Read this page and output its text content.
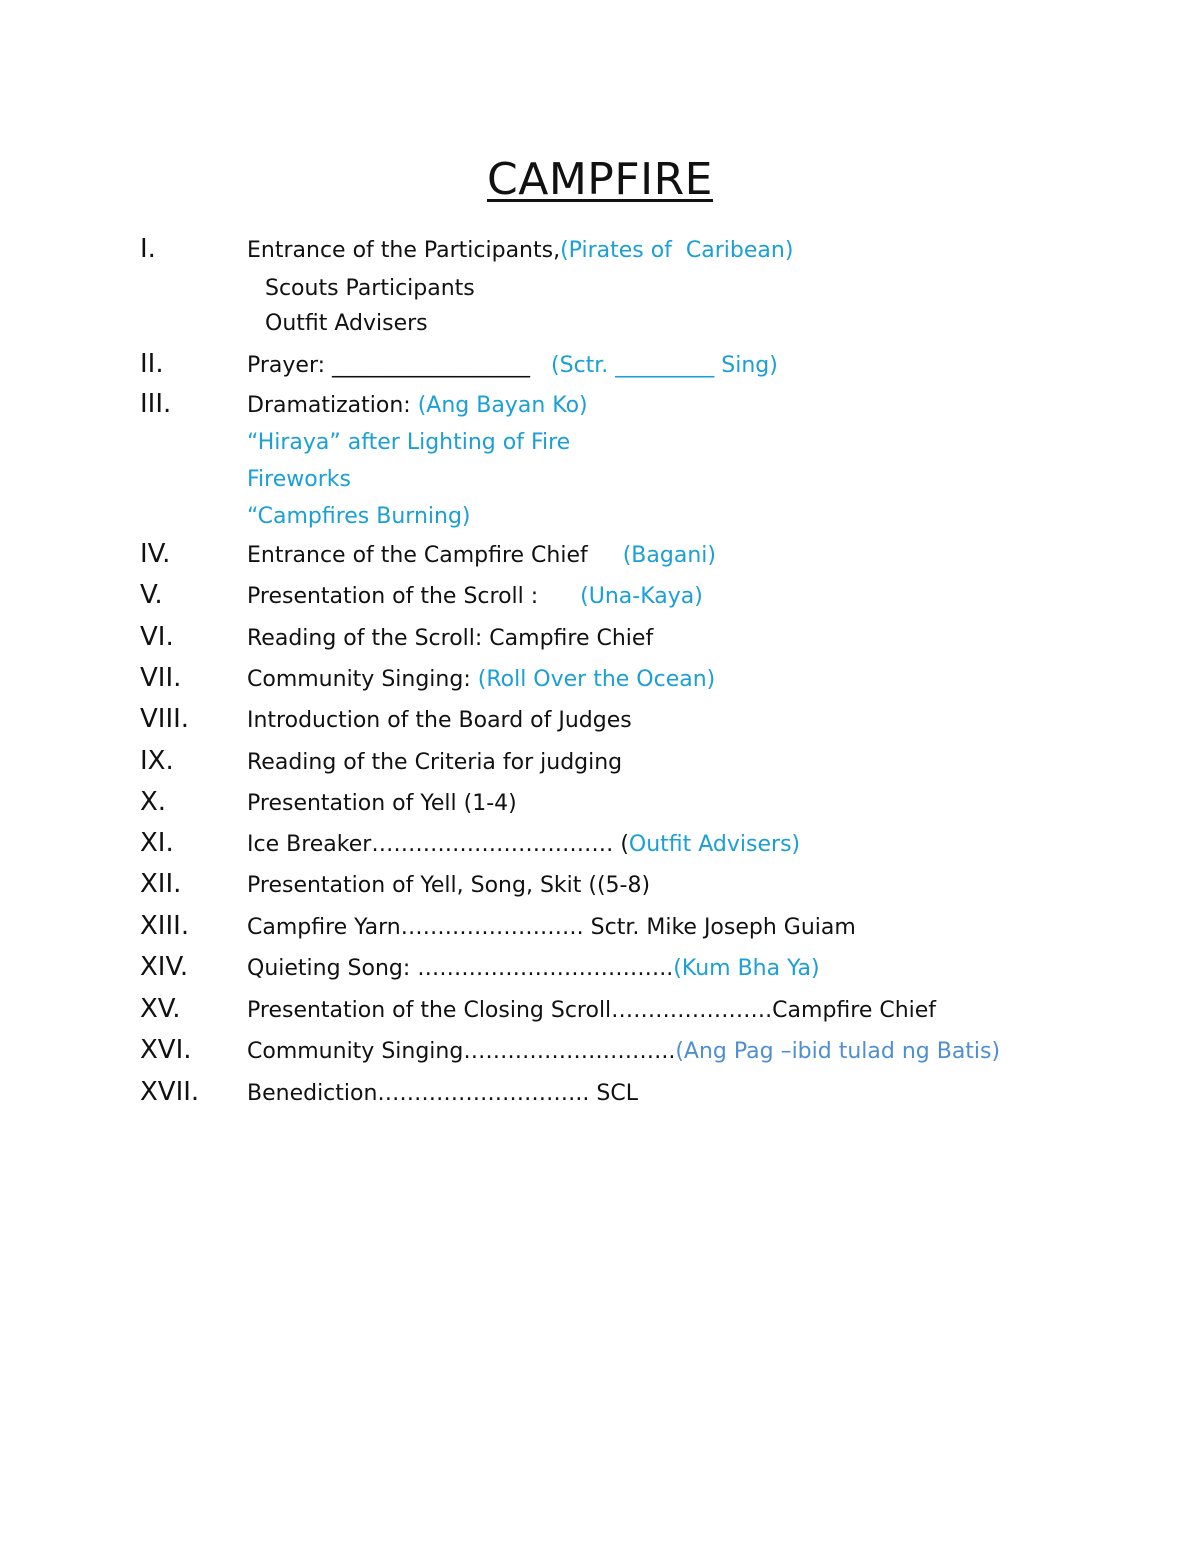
CAMPFIRE
I.	Entrance of the Participants,(Pirates of  Caribean)
Scouts Participants
Outfit Advisers
II.	Prayer: __________________   (Sctr. _________ Sing)
III.	Dramatization: (Ang Bayan Ko)
“Hiraya” after Lighting of Fire
Fireworks
“Campfires Burning)
IV.	Entrance of the Campfire Chief     (Bagani)
V.	Presentation of the Scroll :      (Una-Kaya)
VI.	Reading of the Scroll: Campfire Chief
VII.	Community Singing: (Roll Over the Ocean)
VIII.	Introduction of the Board of Judges
IX.	Reading of the Criteria for judging
X.	Presentation of Yell (1-4)
XI.	Ice Breaker…………………………… (Outfit Advisers)
XII.	Presentation of Yell, Song, Skit ((5-8)
XIII.	Campfire Yarn……………………. Sctr. Mike Joseph Guiam
XIV.	Quieting Song: ……………………………..(Kum Bha Ya)
XV.	Presentation of the Closing Scroll………………….Campfire Chief
XVI.	Community Singing………………………..(Ang Pag –ibid tulad ng Batis)
XVII. Benediction……………………….. SCL
